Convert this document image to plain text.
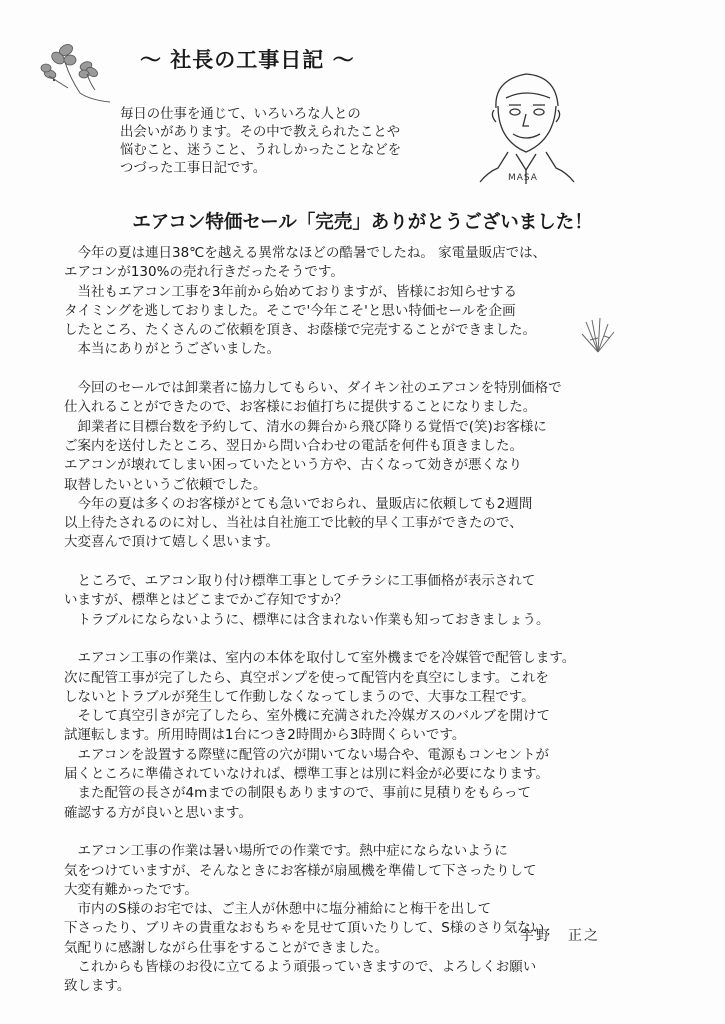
～ 社長の工事日記 ～
毎日の仕事を通じて、いろいろな人との
出会いがあります。その中で教えられたことや
悩むこと、迷うこと、うれしかったことなどを
つづった工事日記です。
MASA
エアコン特価セール「完売」ありがとうございました！
　今年の夏は連日38℃を越える異常なほどの酷暑でしたね。 家電量販店では、
エアコンが130%の売れ行きだったそうです。
　当社もエアコン工事を3年前から始めておりますが、皆様にお知らせする
タイミングを逃しておりました。そこで'今年こそ'と思い特価セールを企画
したところ、たくさんのご依頼を頂き、お蔭様で完売することができました。
　本当にありがとうございました。
　今回のセールでは卸業者に協力してもらい、ダイキン社のエアコンを特別価格で
仕入れることができたので、お客様にお値打ちに提供することになりました。
　卸業者に目標台数を予約して、清水の舞台から飛び降りる覚悟で(笑)お客様に
ご案内を送付したところ、翌日から問い合わせの電話を何件も頂きました。
エアコンが壊れてしまい困っていたという方や、古くなって効きが悪くなり
取替したいというご依頼でした。
　今年の夏は多くのお客様がとても急いでおられ、量販店に依頼しても2週間
以上待たされるのに対し、当社は自社施工で比較的早く工事ができたので、
大変喜んで頂けて嬉しく思います。
　ところで、エアコン取り付け標準工事としてチラシに工事価格が表示されて
いますが、標準とはどこまでかご存知ですか？
　トラブルにならないように、標準には含まれない作業も知っておきましょう。
　エアコン工事の作業は、室内の本体を取付して室外機までを冷媒管で配管します。
次に配管工事が完了したら、真空ポンプを使って配管内を真空にします。これを
しないとトラブルが発生して作動しなくなってしまうので、大事な工程です。
　そして真空引きが完了したら、室外機に充満された冷媒ガスのバルブを開けて
試運転します。所用時間は1台につき2時間から3時間くらいです。
　エアコンを設置する際壁に配管の穴が開いてない場合や、電源もコンセントが
届くところに準備されていなければ、標準工事とは別に料金が必要になります。
　また配管の長さが4mまでの制限もありますので、事前に見積りをもらって
確認する方が良いと思います。
　エアコン工事の作業は暑い場所での作業です。熱中症にならないように
気をつけていますが、そんなときにお客様が扇風機を準備して下さったりして
大変有難かったです。
　市内のS様のお宅では、ご主人が休憩中に塩分補給にと梅干を出して
下さったり、ブリキの貴重なおもちゃを見せて頂いたりして、S様のさり気ない
気配りに感謝しながら仕事をすることができました。
　これからも皆様のお役に立てるよう頑張っていきますので、よろしくお願い
致します。
宇野　正之
